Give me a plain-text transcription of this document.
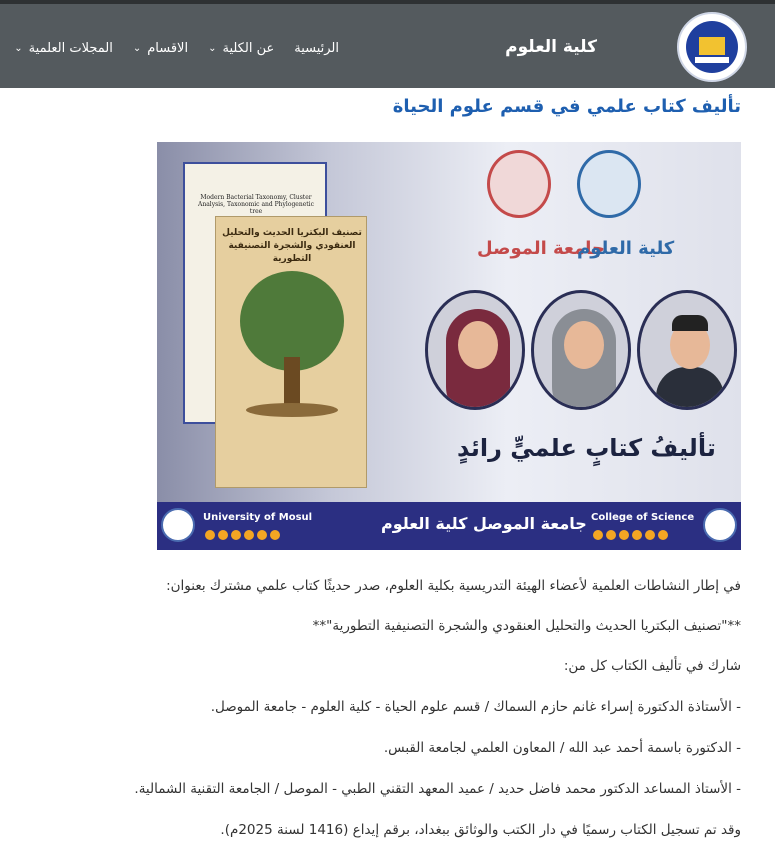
كلية العلوم
الرئيسية
عن الكلية
⌄
الاقسام
⌄
المجلات العلمية
⌄
تأليف كتاب علمي في قسم علوم الحياة
Modern Bacterial Taxonomy, Cluster Analysis, Taxonomic and Phylogenetic tree
تصنيف البكتريا الحديث والتحليل العنقودي والشجرة التصنيفية التطورية	جامعة الموصل
كلية العلوم
تأليفُ كتابٍ علميٍّ رائدٍ
University of Mosul	جامعة الموصل كلية العلوم College of Science

في إطار النشاطات العلمية لأعضاء الهيئة التدريسية بكلية العلوم، صدر حديثًا كتاب علمي مشترك بعنوان:

**"تصنيف البكتريا الحديث والتحليل العنقودي والشجرة التصنيفية التطورية"**

شارك في تأليف الكتاب كل من:

- الأستاذة الدكتورة إسراء غانم حازم السماك / قسم علوم الحياة - كلية العلوم - جامعة الموصل.

- الدكتورة باسمة أحمد عبد الله / المعاون العلمي لجامعة القبس.

- الأستاذ المساعد الدكتور محمد فاضل حديد / عميد المعهد التقني الطبي - الموصل / الجامعة التقنية الشمالية.

وقد تم تسجيل الكتاب رسميًا في دار الكتب والوثائق ببغداد، برقم إيداع (1416 لسنة 2025م).
